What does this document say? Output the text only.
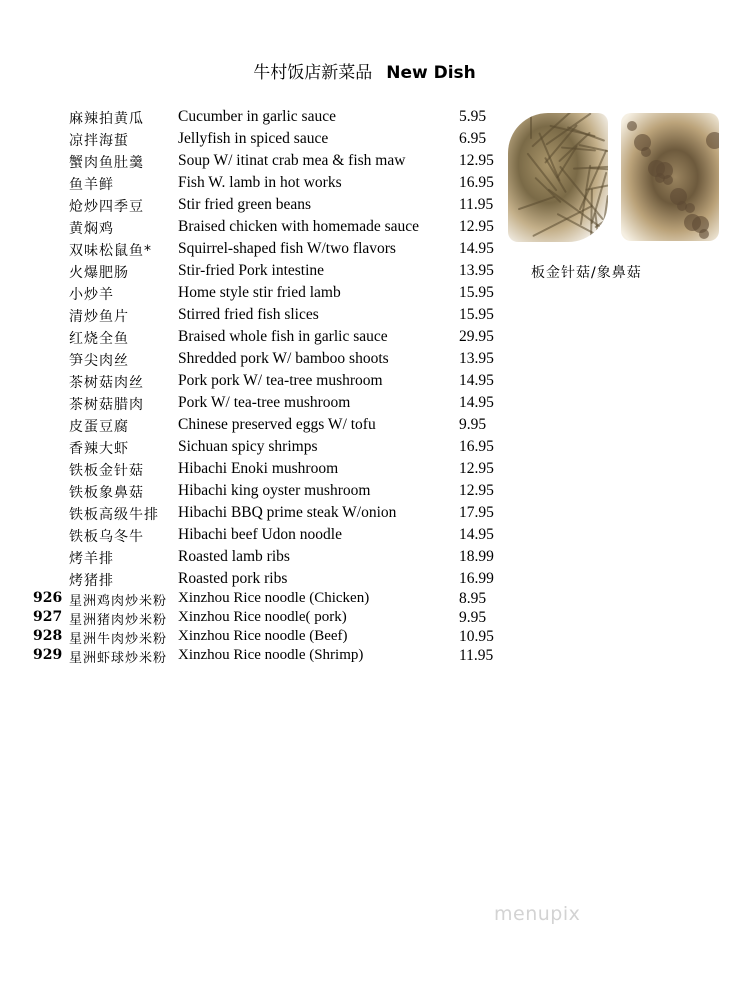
牛村饭店新菜品 New Dish
麻辣拍黄瓜 Cucumber in garlic sauce	5.95
凉拌海蜇	Jellyfish in spiced sauce	6.95
蟹肉鱼肚羹 Soup W/ itinat crab mea & fish maw	12.95
鱼羊鲜	Fish W. lamb in hot works	16.95
炝炒四季豆 Stir fried green beans	11.95
黄焖鸡	Braised chicken with homemade sauce	12.95
双味松鼠鱼* Squirrel-shaped fish W/two flavors	14.95
火爆肥肠	Stir-fried Pork intestine	13.95
小炒羊	Home style stir fried lamb	15.95
清炒鱼片	Stirred fried fish slices	15.95
红烧全鱼	Braised whole fish in garlic sauce	29.95
笋尖肉丝	Shredded pork W/ bamboo shoots	13.95
茶树菇肉丝 Pork pork W/ tea-tree mushroom	14.95
茶树菇腊肉 Pork W/ tea-tree mushroom	14.95
皮蛋豆腐	Chinese preserved eggs W/ tofu	9.95
香辣大虾	Sichuan spicy shrimps	16.95
铁板金针菇 Hibachi Enoki mushroom	12.95
铁板象鼻菇 Hibachi king oyster mushroom	12.95
铁板高级牛排 Hibachi BBQ prime steak W/onion	17.95
铁板乌冬牛 Hibachi beef Udon noodle	14.95
烤羊排	Roasted lamb ribs	18.99
烤猪排	Roasted pork ribs	16.99
926 星洲鸡肉炒米粉 Xinzhou Rice noodle (Chicken)	8.95
927 星洲猪肉炒米粉 Xinzhou Rice noodle( pork)	9.95
928 星洲牛肉炒米粉 Xinzhou Rice noodle (Beef)	10.95
929 星洲虾球炒米粉 Xinzhou Rice noodle (Shrimp)	11.95
板金针菇/象鼻菇
menupix
